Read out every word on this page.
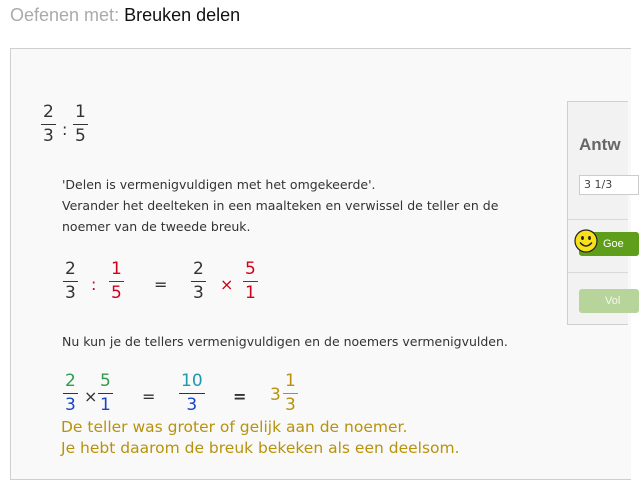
Oefenen met: Breuken delen
2
3 :
1
5
'Delen is vermenigvuldigen met het omgekeerde'.
Verander het deelteken in een maalteken en verwissel de teller en de
noemer van de tweede breuk.
2
3 :
1
5 =
2
3 ×
5
1
Nu kun je de tellers vermenigvuldigen en de noemers vermenigvulden.
2
3 ×
5
1 =
10
3 = 3
1
3
Antw
3 1/3
Goe
Vol
De teller was groter of gelijk aan de noemer.
Je hebt daarom de breuk bekeken als een deelsom.
